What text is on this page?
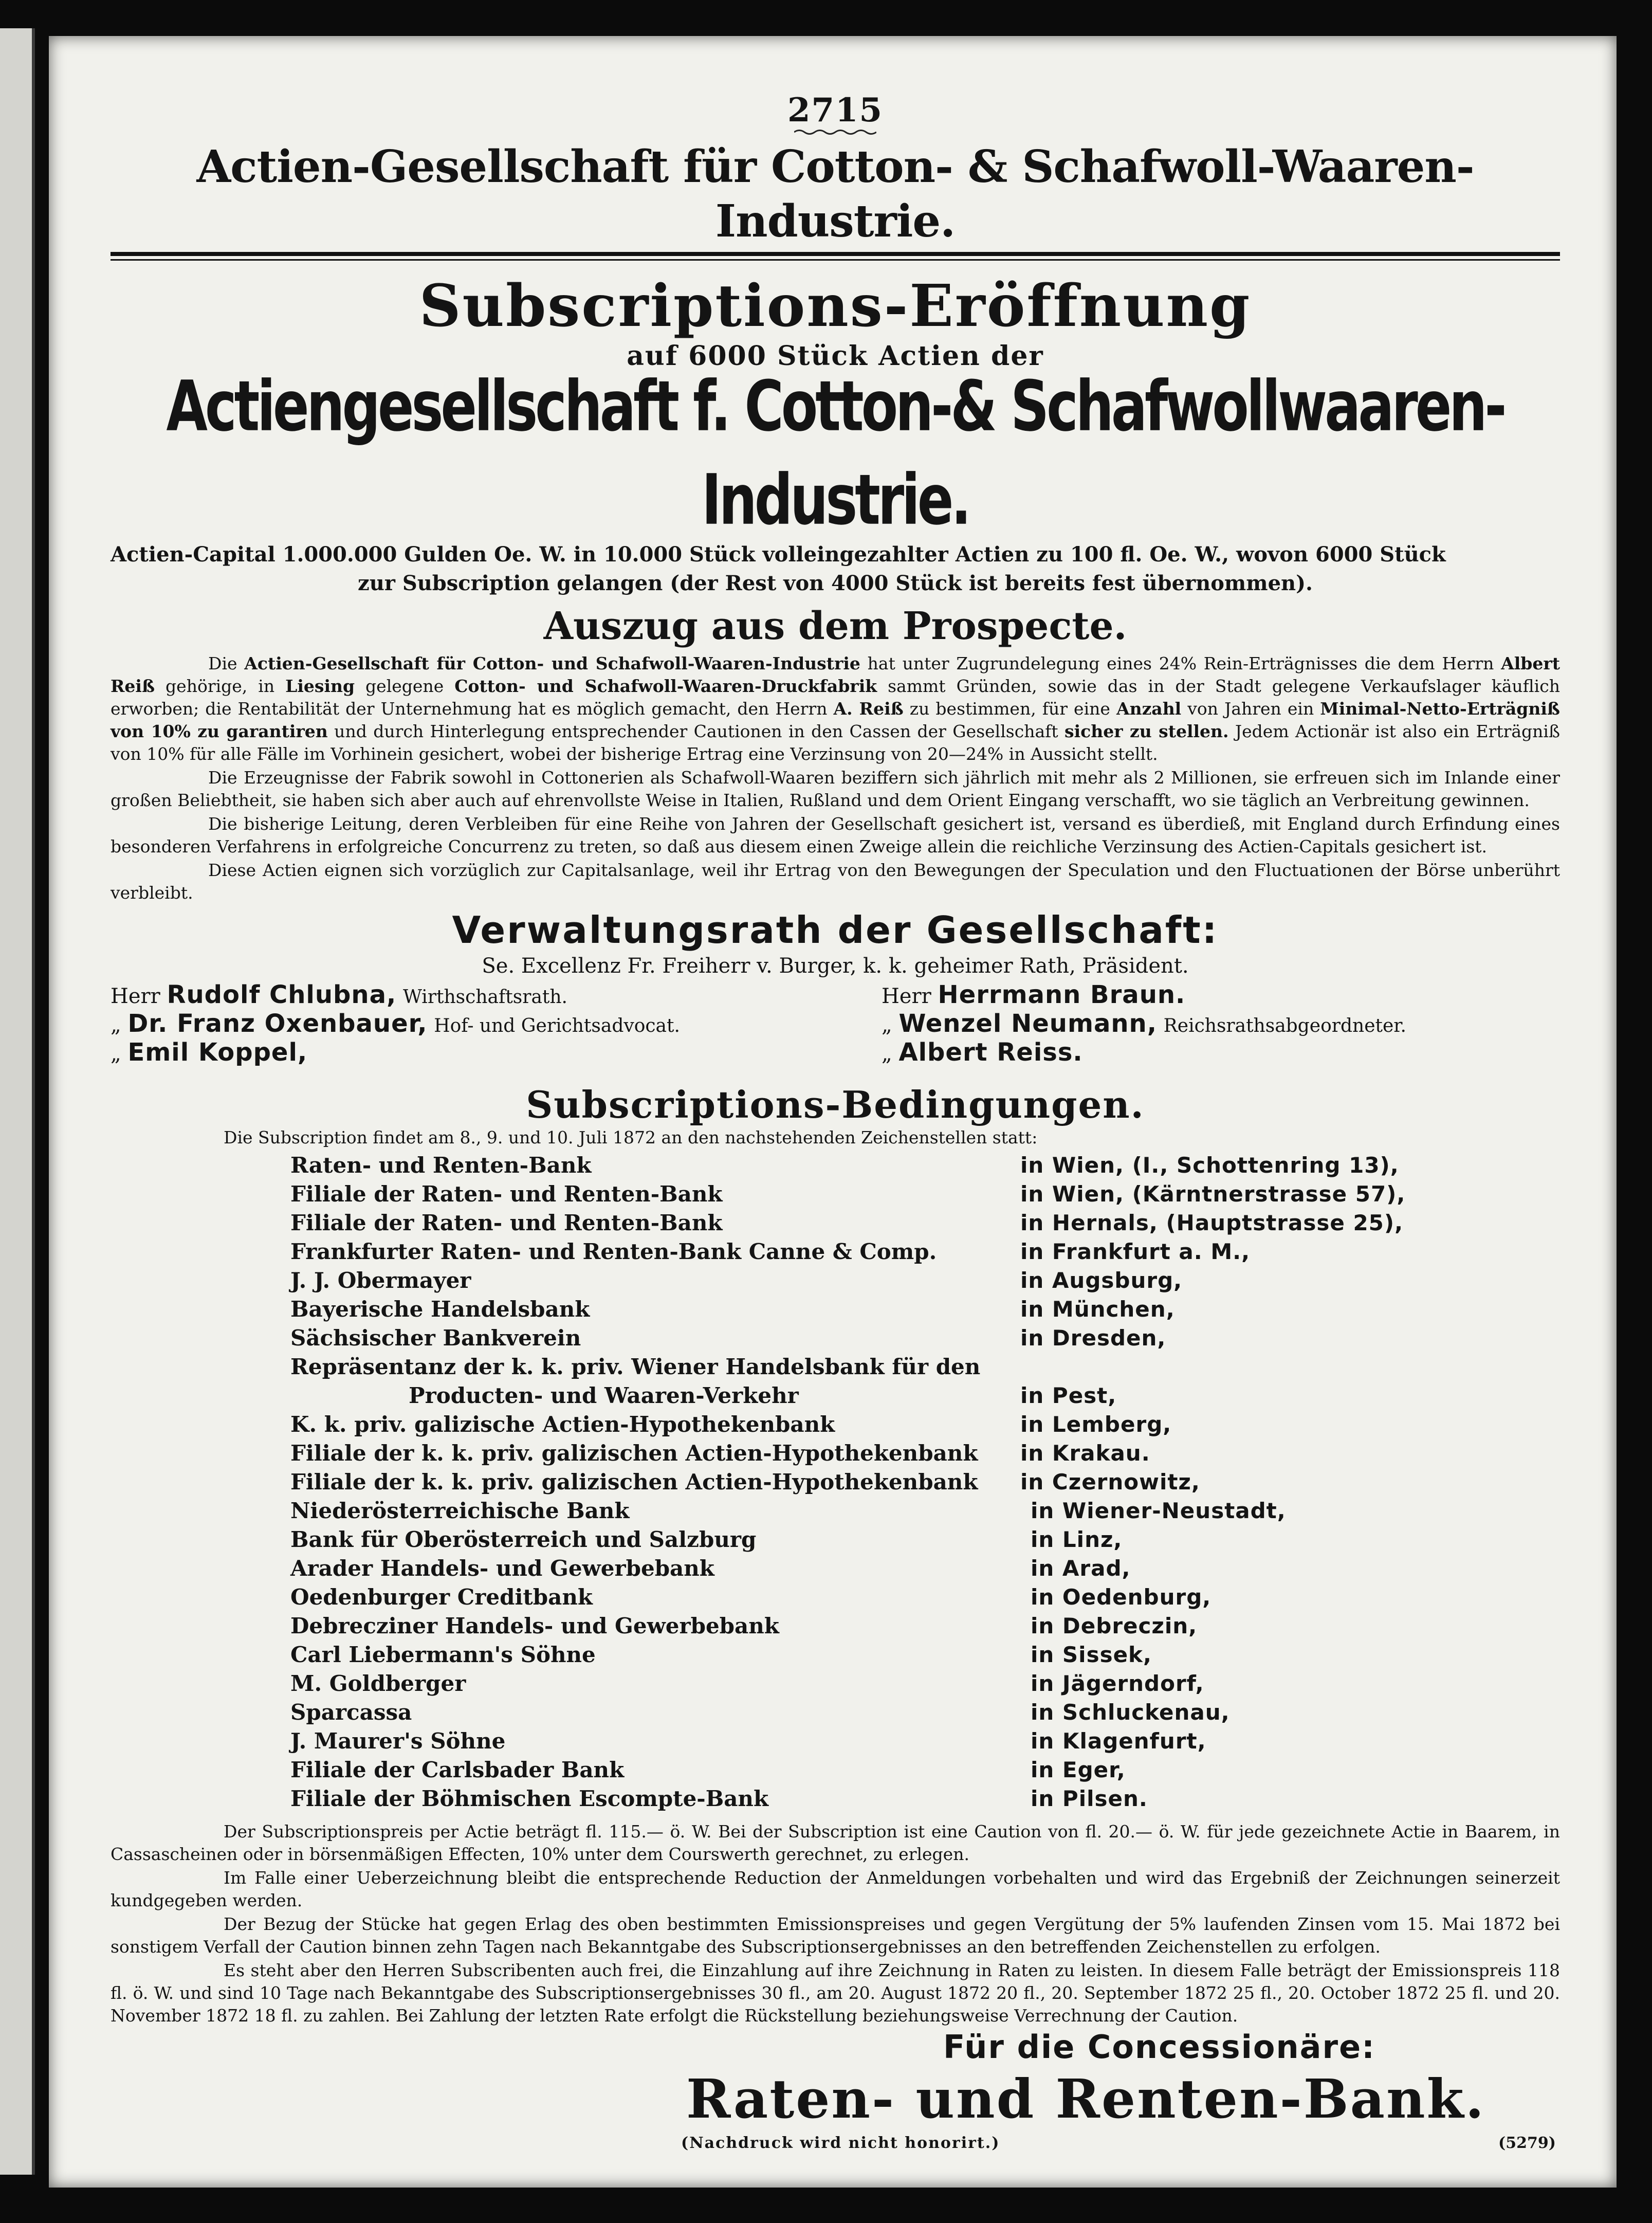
2715
Actien-Gesellschaft für Cotton- & Schafwoll-Waaren-Industrie.
Subscriptions-Eröffnung
auf 6000 Stück Actien der
Actiengesellschaft f. Cotton-& Schafwollwaaren-Industrie.

Actien-Capital 1.000.000 Gulden Oe. W. in 10.000 Stück volleingezahlter Actien zu 100 fl. Oe. W., wovon 6000 Stück

zur Subscription gelangen (der Rest von 4000 Stück ist bereits fest übernommen).

Auszug aus dem Prospecte.

Die Actien-Gesellschaft für Cotton- und Schafwoll-Waaren-Industrie hat unter Zugrundelegung eines 24% Rein-Erträgnisses die dem Herrn Albert Reiß gehörige, in Liesing gelegene Cotton- und Schafwoll-Waaren-Druckfabrik sammt Gründen, sowie das in der Stadt gelegene Verkaufslager käuflich erworben; die Rentabilität der Unternehmung hat es möglich gemacht, den Herrn A. Reiß zu bestimmen, für eine Anzahl von Jahren ein Minimal-Netto-Erträgniß von 10% zu garantiren und durch Hinterlegung entsprechender Cautionen in den Cassen der Gesellschaft sicher zu stellen. Jedem Actionär ist also ein Erträgniß von 10% für alle Fälle im Vorhinein gesichert, wobei der bisherige Ertrag eine Verzinsung von 20—24% in Aussicht stellt.

Die Erzeugnisse der Fabrik sowohl in Cottonerien als Schafwoll-Waaren beziffern sich jährlich mit mehr als 2 Millionen, sie erfreuen sich im Inlande einer großen Beliebtheit, sie haben sich aber auch auf ehrenvollste Weise in Italien, Rußland und dem Orient Eingang verschafft, wo sie täglich an Verbreitung gewinnen.

Die bisherige Leitung, deren Verbleiben für eine Reihe von Jahren der Gesellschaft gesichert ist, versand es überdieß, mit England durch Erfindung eines besonderen Verfahrens in erfolgreiche Concurrenz zu treten, so daß aus diesem einen Zweige allein die reichliche Verzinsung des Actien-Capitals gesichert ist.

Diese Actien eignen sich vorzüglich zur Capitalsanlage, weil ihr Ertrag von den Bewegungen der Speculation und den Fluctuationen der Börse unberührt verbleibt.

Verwaltungsrath der Gesellschaft:
Se. Excellenz Fr. Freiherr v. Burger, k. k. geheimer Rath, Präsident.
Herr Rudolf Chlubna, Wirthschaftsrath.
„ Dr. Franz Oxenbauer, Hof- und Gerichtsadvocat.
„ Emil Koppel,
Herr Herrmann Braun.
„ Wenzel Neumann, Reichsrathsabgeordneter.
„ Albert Reiss.
Subscriptions-Bedingungen.
Die Subscription findet am 8., 9. und 10. Juli 1872 an den nachstehenden Zeichenstellen statt:
Raten- und Renten-Bank	in Wien, (I., Schottenring 13),
Filiale der Raten- und Renten-Bank	in Wien, (Kärntnerstrasse 57),
Filiale der Raten- und Renten-Bank	in Hernals, (Hauptstrasse 25),
Frankfurter Raten- und Renten-Bank Canne & Comp.	in Frankfurt a. M.,
J. J. Obermayer	in Augsburg,
Bayerische Handelsbank	in München,
Sächsischer Bankverein	in Dresden,
Repräsentanz der k. k. priv. Wiener Handelsbank für den
Producten- und Waaren-Verkehr	in Pest,
K. k. priv. galizische Actien-Hypothekenbank	in Lemberg,
Filiale der k. k. priv. galizischen Actien-Hypothekenbank in Krakau.
Filiale der k. k. priv. galizischen Actien-Hypothekenbank in Czernowitz,
Niederösterreichische Bank	in Wiener-Neustadt,
Bank für Oberösterreich und Salzburg	in Linz,
Arader Handels- und Gewerbebank	in Arad,
Oedenburger Creditbank	in Oedenburg,
Debrecziner Handels- und Gewerbebank	in Debreczin,
Carl Liebermann's Söhne	in Sissek,
M. Goldberger	in Jägerndorf,
Sparcassa	in Schluckenau,
J. Maurer's Söhne	in Klagenfurt,
Filiale der Carlsbader Bank	in Eger,
Filiale der Böhmischen Escompte-Bank	in Pilsen.

Der Subscriptionspreis per Actie beträgt fl. 115.— ö. W. Bei der Subscription ist eine Caution von fl. 20.— ö. W. für jede gezeichnete Actie in Baarem, in Cassascheinen oder in börsenmäßigen Effecten, 10% unter dem Courswerth gerechnet, zu erlegen.

Im Falle einer Ueberzeichnung bleibt die entsprechende Reduction der Anmeldungen vorbehalten und wird das Ergebniß der Zeichnungen seinerzeit kundgegeben werden.

Der Bezug der Stücke hat gegen Erlag des oben bestimmten Emissionspreises und gegen Vergütung der 5% laufenden Zinsen vom 15. Mai 1872 bei sonstigem Verfall der Caution binnen zehn Tagen nach Bekanntgabe des Subscriptionsergebnisses an den betreffenden Zeichenstellen zu erfolgen.

Es steht aber den Herren Subscribenten auch frei, die Einzahlung auf ihre Zeichnung in Raten zu leisten. In diesem Falle beträgt der Emissionspreis 118 fl. ö. W. und sind 10 Tage nach Bekanntgabe des Subscriptionsergebnisses 30 fl., am 20. August 1872 20 fl., 20. September 1872 25 fl., 20. October 1872 25 fl. und 20. November 1872 18 fl. zu zahlen. Bei Zahlung der letzten Rate erfolgt die Rückstellung beziehungsweise Verrechnung der Caution.

Für die Concessionäre:
Raten- und Renten-Bank.
(Nachdruck wird nicht honorirt.)	(5279)
